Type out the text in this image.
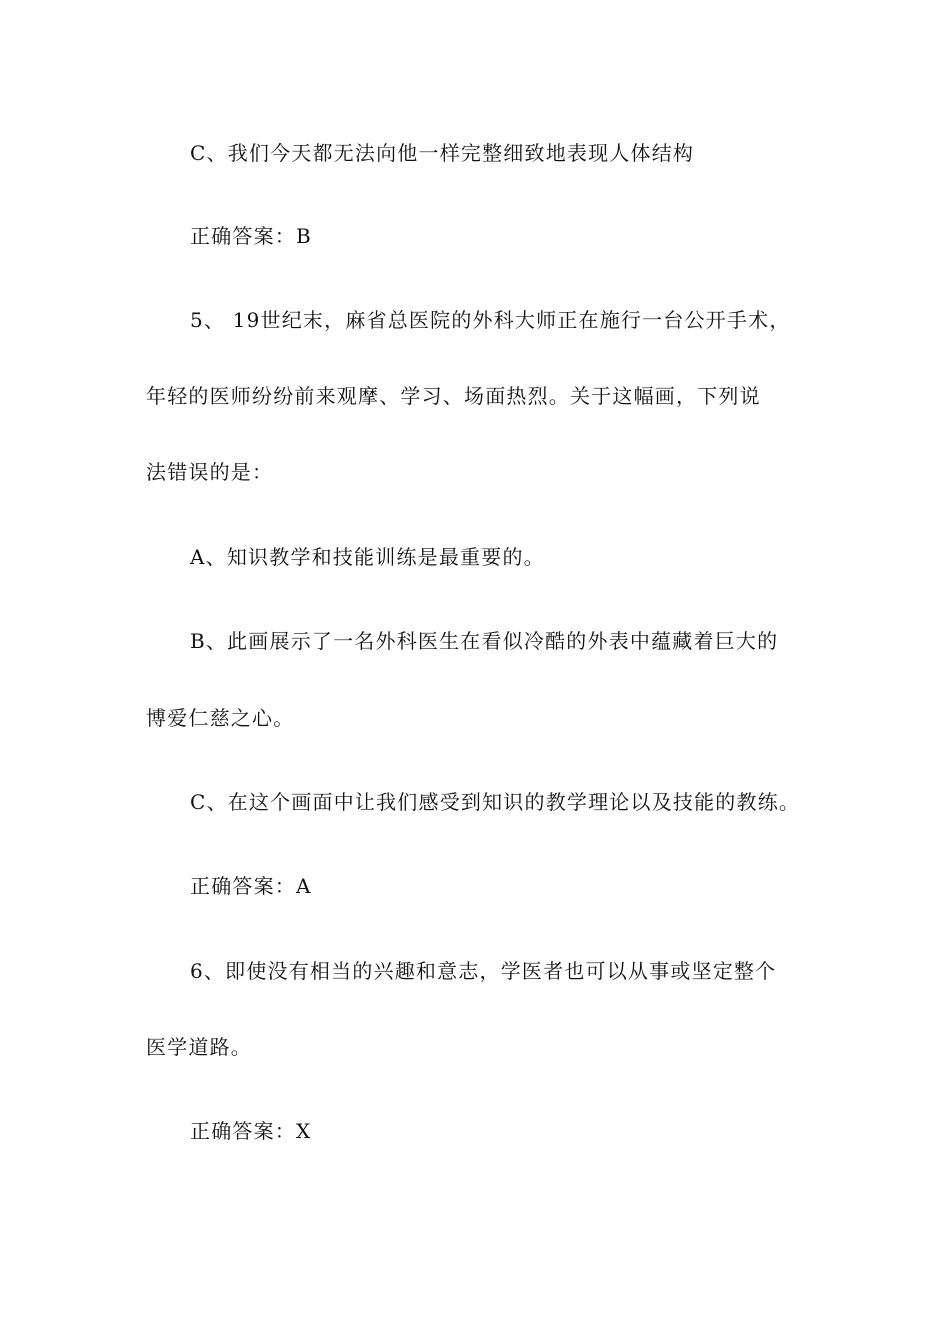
C、我们今天都无法向他一样完整细致地表现人体结构
正确答案：B
5、 19世纪末，麻省总医院的外科大师正在施行一台公开手术，
年轻的医师纷纷前来观摩、学习、场面热烈。关于这幅画，下列说
法错误的是：
A、知识教学和技能训练是最重要的。
B、此画展示了一名外科医生在看似冷酷的外表中蕴藏着巨大的
博爱仁慈之心。
C、在这个画面中让我们感受到知识的教学理论以及技能的教练。
正确答案：A
6、即使没有相当的兴趣和意志，学医者也可以从事或坚定整个
医学道路。
正确答案：X
